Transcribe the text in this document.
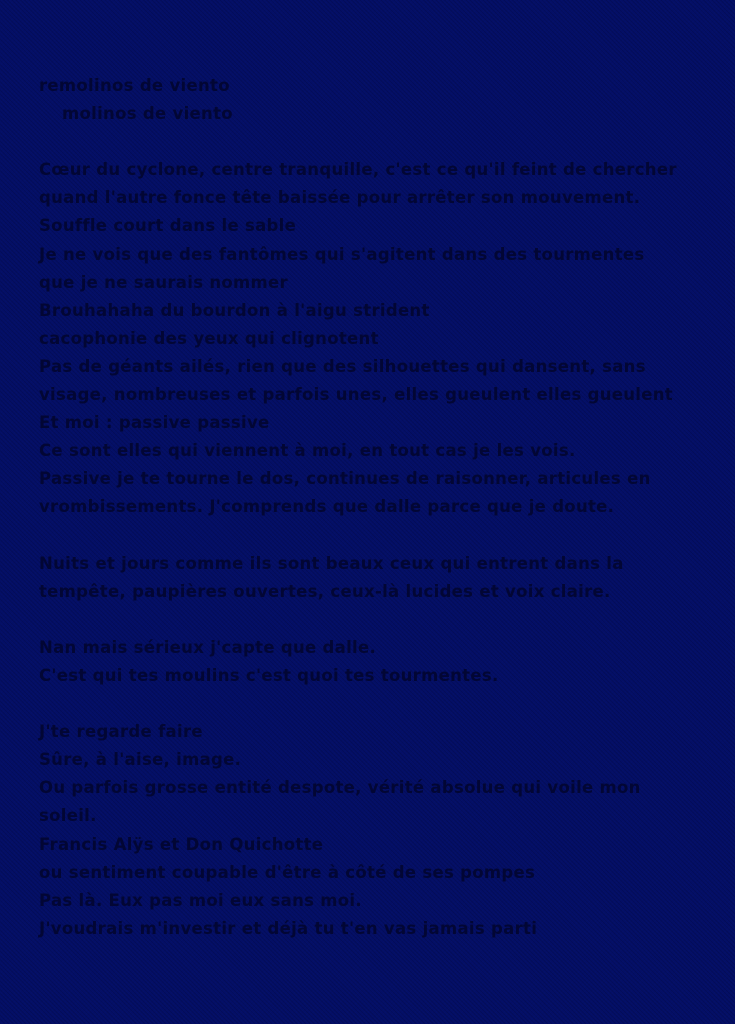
remolinos de viento
molinos de viento
Cœur du cyclone, centre tranquille, c'est ce qu'il feint de chercher
quand l'autre fonce tête baissée pour arrêter son mouvement.
Souffle court dans le sable
Je ne vois que des fantômes qui s'agitent dans des tourmentes
que je ne saurais nommer
Brouhahaha du bourdon à l'aigu strident
cacophonie des yeux qui clignotent
Pas de géants ailés, rien que des silhouettes qui dansent, sans
visage, nombreuses et parfois unes, elles gueulent elles gueulent
Et moi : passive passive
Ce sont elles qui viennent à moi, en tout cas je les vois.
Passive je te tourne le dos, continues de raisonner, articules en
vrombissements. J'comprends que dalle parce que je doute.
Nuits et jours comme ils sont beaux ceux qui entrent dans la
tempête, paupières ouvertes, ceux-là lucides et voix claire.
Nan mais sérieux j'capte que dalle.
C'est qui tes moulins c'est quoi tes tourmentes.
J'te regarde faire
Sûre, à l'aise, image.
Ou parfois grosse entité despote, vérité absolue qui voile mon
soleil.
Francis Alÿs et Don Quichotte
ou sentiment coupable d'être à côté de ses pompes
Pas là. Eux pas moi eux sans moi.
J'voudrais m'investir et déjà tu t'en vas jamais parti
